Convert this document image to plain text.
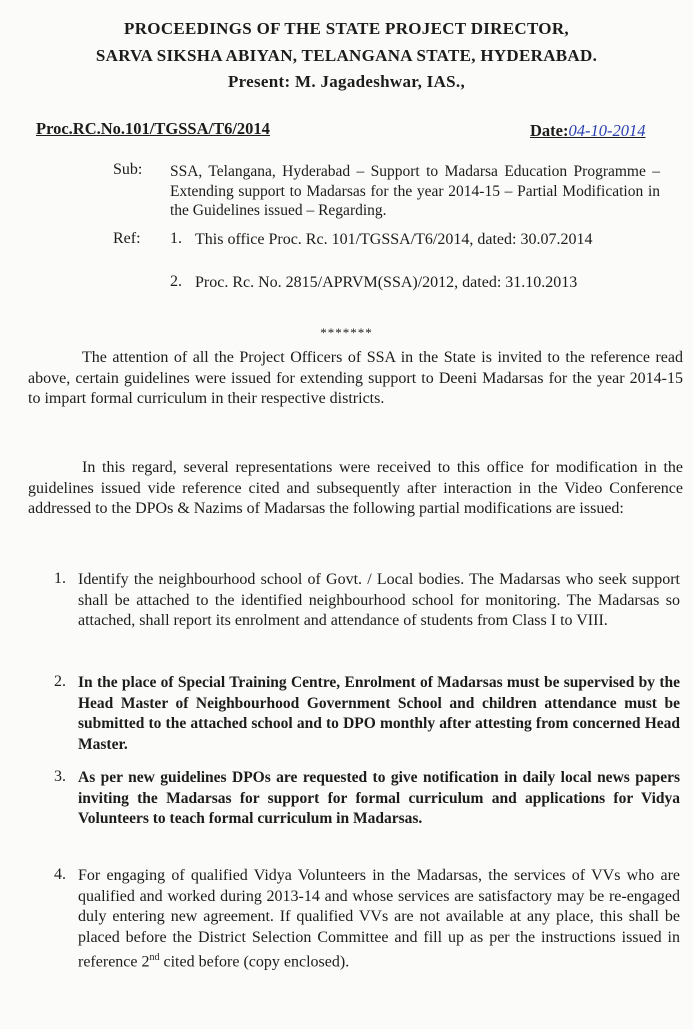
PROCEEDINGS OF THE STATE PROJECT DIRECTOR,
SARVA SIKSHA ABIYAN, TELANGANA STATE, HYDERABAD.
Present: M. Jagadeshwar, IAS.,
Proc.RC.No.101/TGSSA/T6/2014	Date:04-10-2014
Sub: SSA, Telangana, Hyderabad – Support to Madarsa Education Programme – Extending support to Madarsas for the year 2014-15 – Partial Modification in the Guidelines issued – Regarding.
Ref: 1. This office Proc. Rc. 101/TGSSA/T6/2014, dated: 30.07.2014
2. Proc. Rc. No. 2815/APRVM(SSA)/2012, dated: 31.10.2013
*******
The attention of all the Project Officers of SSA in the State is invited to the reference read above, certain guidelines were issued for extending support to Deeni Madarsas for the year 2014-15 to impart formal curriculum in their respective districts.
In this regard, several representations were received to this office for modification in the guidelines issued vide reference cited and subsequently after interaction in the Video Conference addressed to the DPOs & Nazims of Madarsas the following partial modifications are issued:
1. Identify the neighbourhood school of Govt. / Local bodies. The Madarsas who seek support shall be attached to the identified neighbourhood school for monitoring. The Madarsas so attached, shall report its enrolment and attendance of students from Class I to VIII.
2. In the place of Special Training Centre, Enrolment of Madarsas must be supervised by the Head Master of Neighbourhood Government School and children attendance must be submitted to the attached school and to DPO monthly after attesting from concerned Head Master.
3. As per new guidelines DPOs are requested to give notification in daily local news papers inviting the Madarsas for support for formal curriculum and applications for Vidya Volunteers to teach formal curriculum in Madarsas.
4. For engaging of qualified Vidya Volunteers in the Madarsas, the services of VVs who are qualified and worked during 2013-14 and whose services are satisfactory may be re-engaged duly entering new agreement. If qualified VVs are not available at any place, this shall be placed before the District Selection Committee and fill up as per the instructions issued in reference 2nd cited before (copy enclosed).
